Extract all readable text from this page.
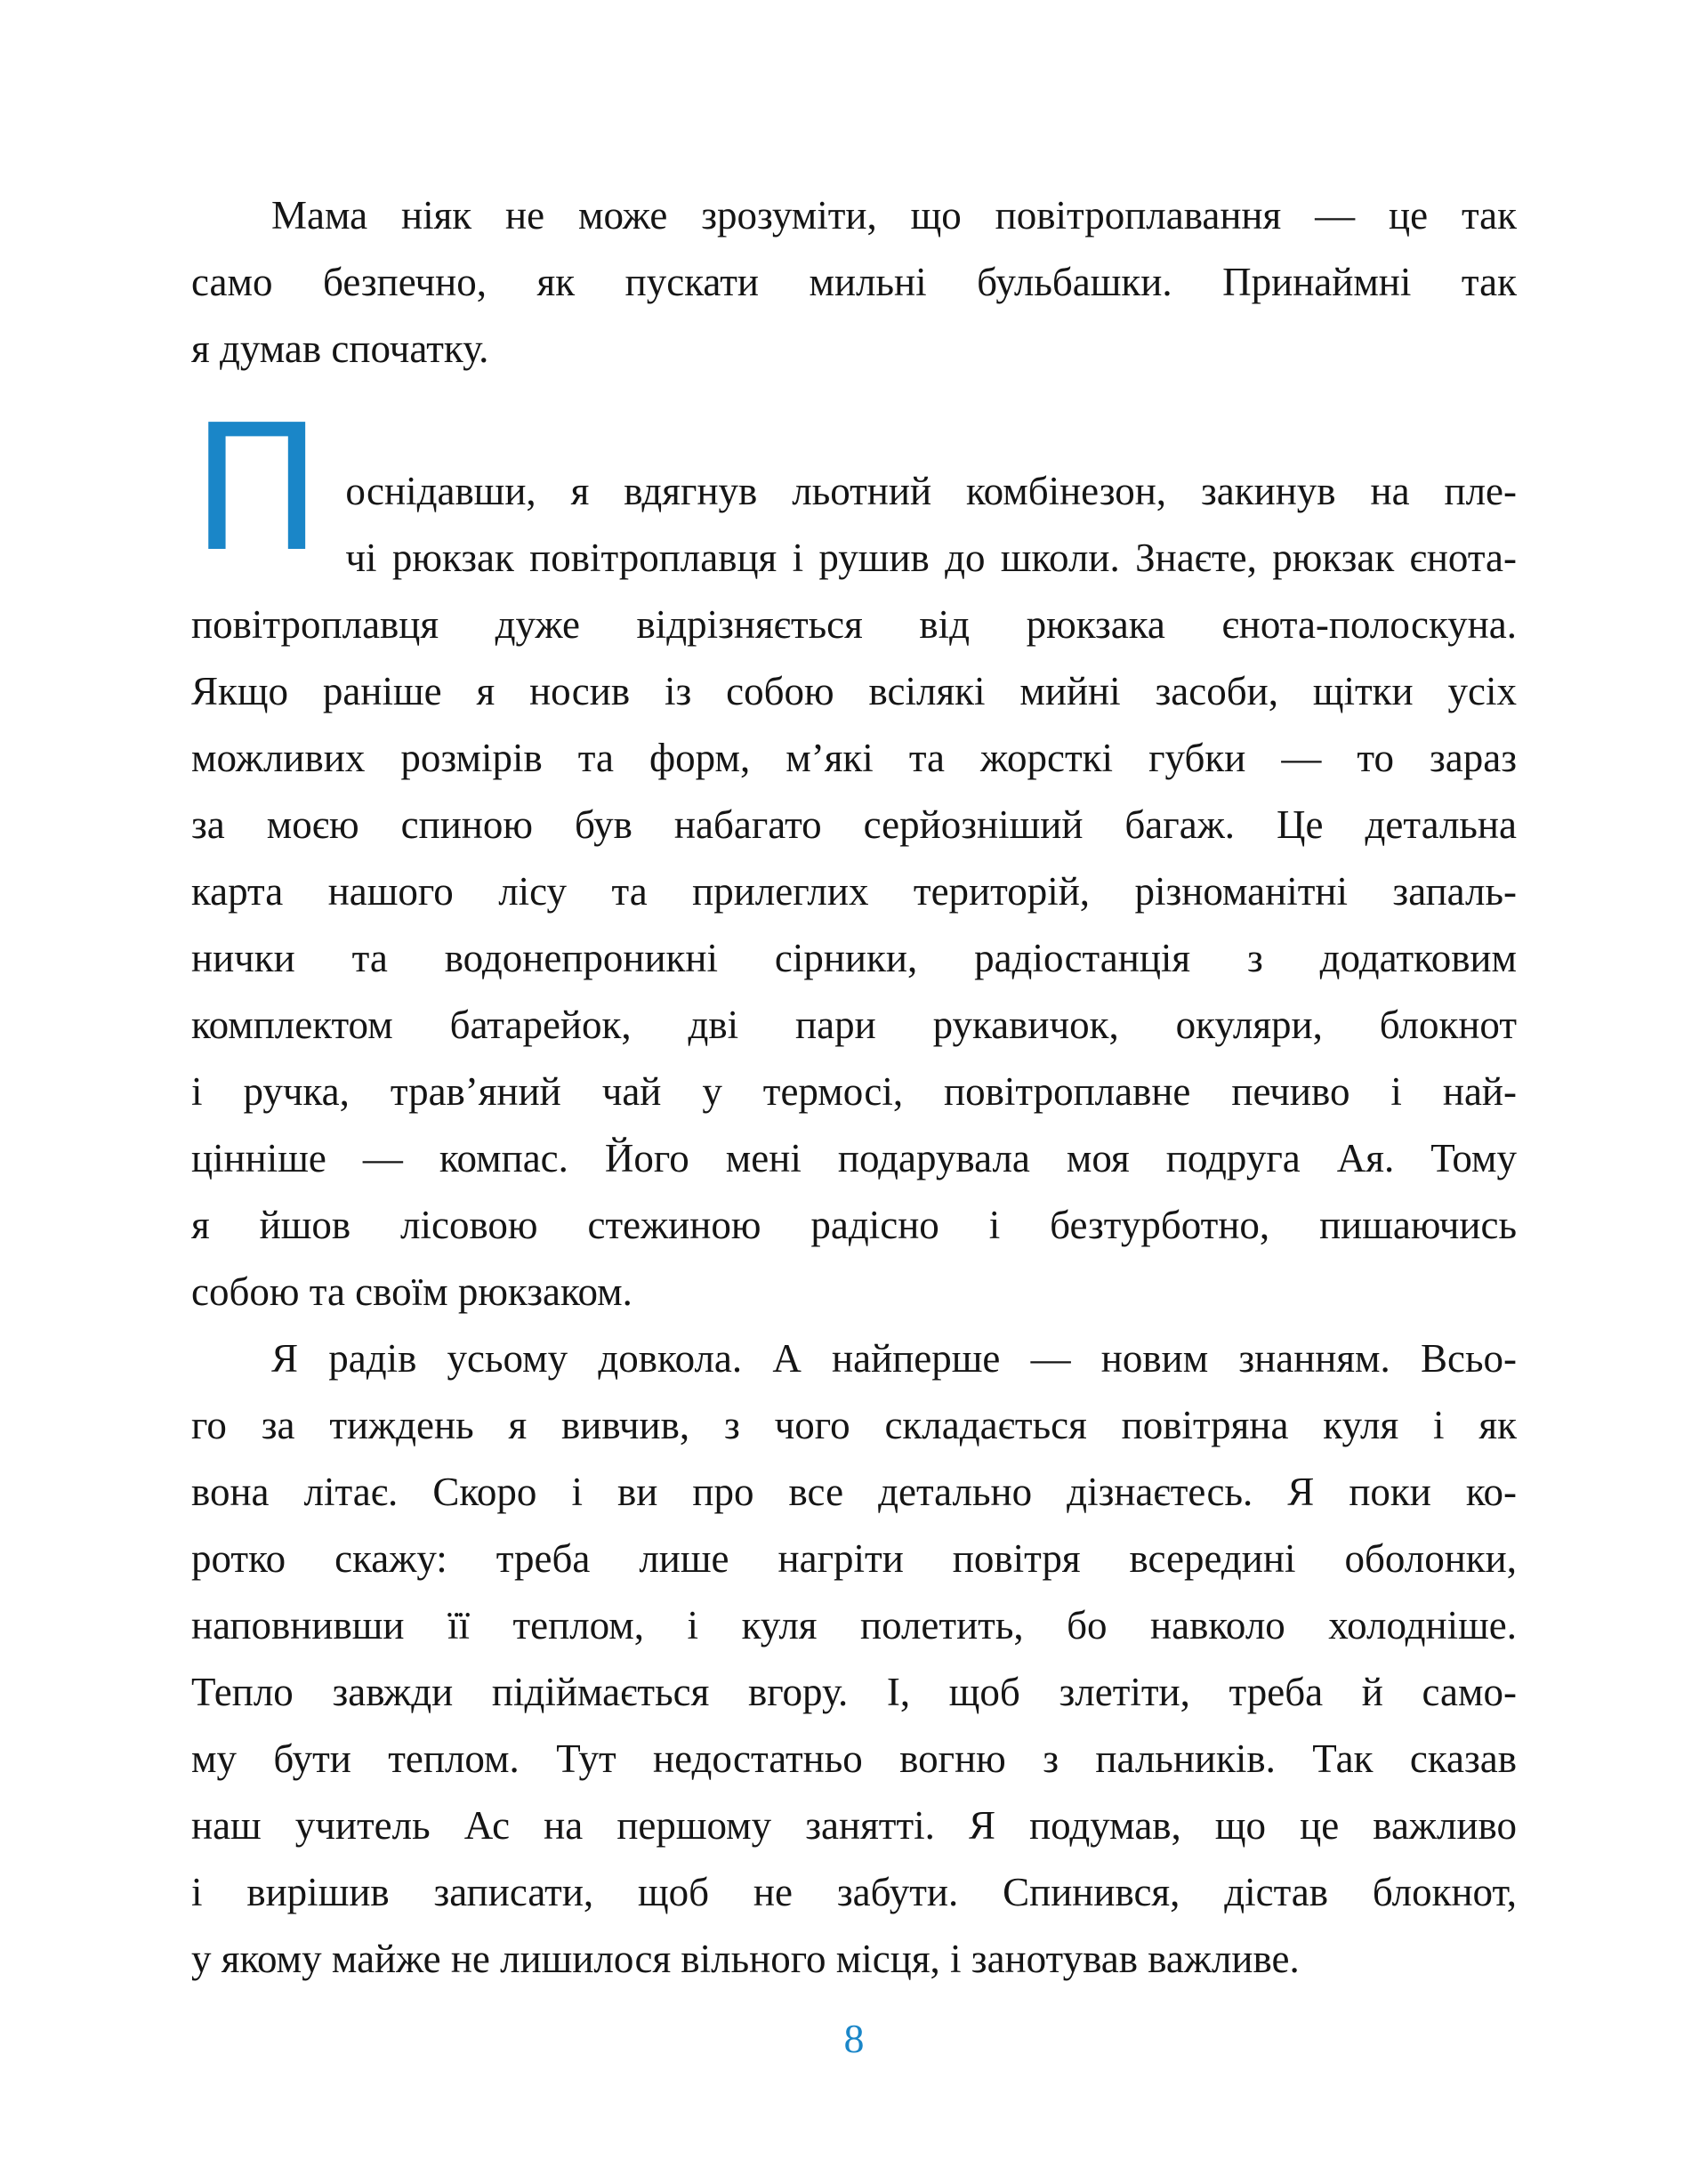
Мама ніяк не може зрозуміти, що повітроплавання — це так
само безпечно, як пускати мильні бульбашки. Принаймні так
я думав спочатку.
П оснідавши, я вдягнув льотний комбінезон, закинув на пле-
чі рюкзак повітроплавця і рушив до школи. Знаєте, рюкзак єнота-
повітроплавця дуже відрізняється від рюкзака єнота-полоскуна.
Якщо раніше я носив із собою всілякі мийні засоби, щітки усіх
можливих розмірів та форм, м’які та жорсткі губки — то зараз
за моєю спиною був набагато серйозніший багаж. Це детальна
карта нашого лісу та прилеглих територій, різноманітні запаль-
нички та водонепроникні сірники, радіостанція з додатковим
комплектом батарейок, дві пари рукавичок, окуляри, блокнот
і ручка, трав’яний чай у термосі, повітроплавне печиво і най-
цінніше — компас. Його мені подарувала моя подруга Ая. Тому
я йшов лісовою стежиною радісно і безтурботно, пишаючись
собою та своїм рюкзаком.
Я радів усьому довкола. А найперше — новим знанням. Всьо-
го за тиждень я вивчив, з чого складається повітряна куля і як
вона літає. Скоро і ви про все детально дізнаєтесь. Я поки ко-
ротко скажу: треба лише нагріти повітря всередині оболонки,
наповнивши її теплом, і куля полетить, бо навколо холодніше.
Тепло завжди підіймається вгору. І, щоб злетіти, треба й само-
му бути теплом. Тут недостатньо вогню з пальників. Так сказав
наш учитель Ас на першому занятті. Я подумав, що це важливо
і вирішив записати, щоб не забути. Спинився, дістав блокнот,
у якому майже не лишилося вільного місця, і занотував важливе.
8
